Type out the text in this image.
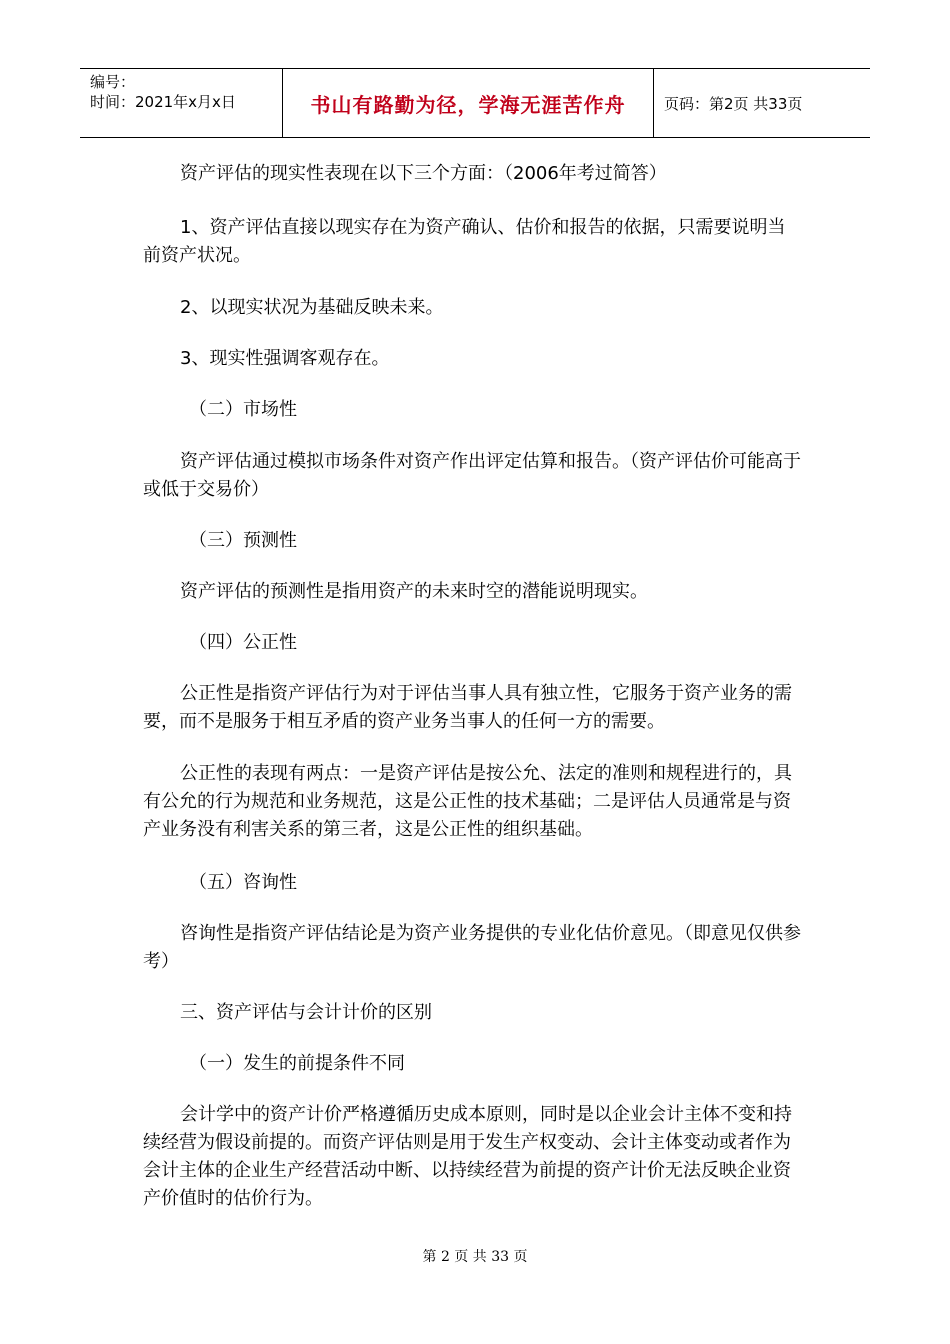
编号：
时间：2021年x月x日	书山有路勤为径，学海无涯苦作舟	页码：第2页 共33页

资产评估的现实性表现在以下三个方面：（2006年考过简答）

1、资产评估直接以现实存在为资产确认、估价和报告的依据，只需要说明当前资产状况。

2、以现实状况为基础反映未来。

3、现实性强调客观存在。

（二）市场性

资产评估通过模拟市场条件对资产作出评定估算和报告。（资产评估价可能高于或低于交易价）

（三）预测性

资产评估的预测性是指用资产的未来时空的潜能说明现实。

（四）公正性

公正性是指资产评估行为对于评估当事人具有独立性，它服务于资产业务的需要，而不是服务于相互矛盾的资产业务当事人的任何一方的需要。

公正性的表现有两点：一是资产评估是按公允、法定的准则和规程进行的，具有公允的行为规范和业务规范，这是公正性的技术基础；二是评估人员通常是与资产业务没有利害关系的第三者，这是公正性的组织基础。

（五）咨询性

咨询性是指资产评估结论是为资产业务提供的专业化估价意见。（即意见仅供参考）

三、资产评估与会计计价的区别

（一）发生的前提条件不同

会计学中的资产计价严格遵循历史成本原则，同时是以企业会计主体不变和持续经营为假设前提的。而资产评估则是用于发生产权变动、会计主体变动或者作为会计主体的企业生产经营活动中断、以持续经营为前提的资产计价无法反映企业资产价值时的估价行为。

第 2 页 共 33 页
